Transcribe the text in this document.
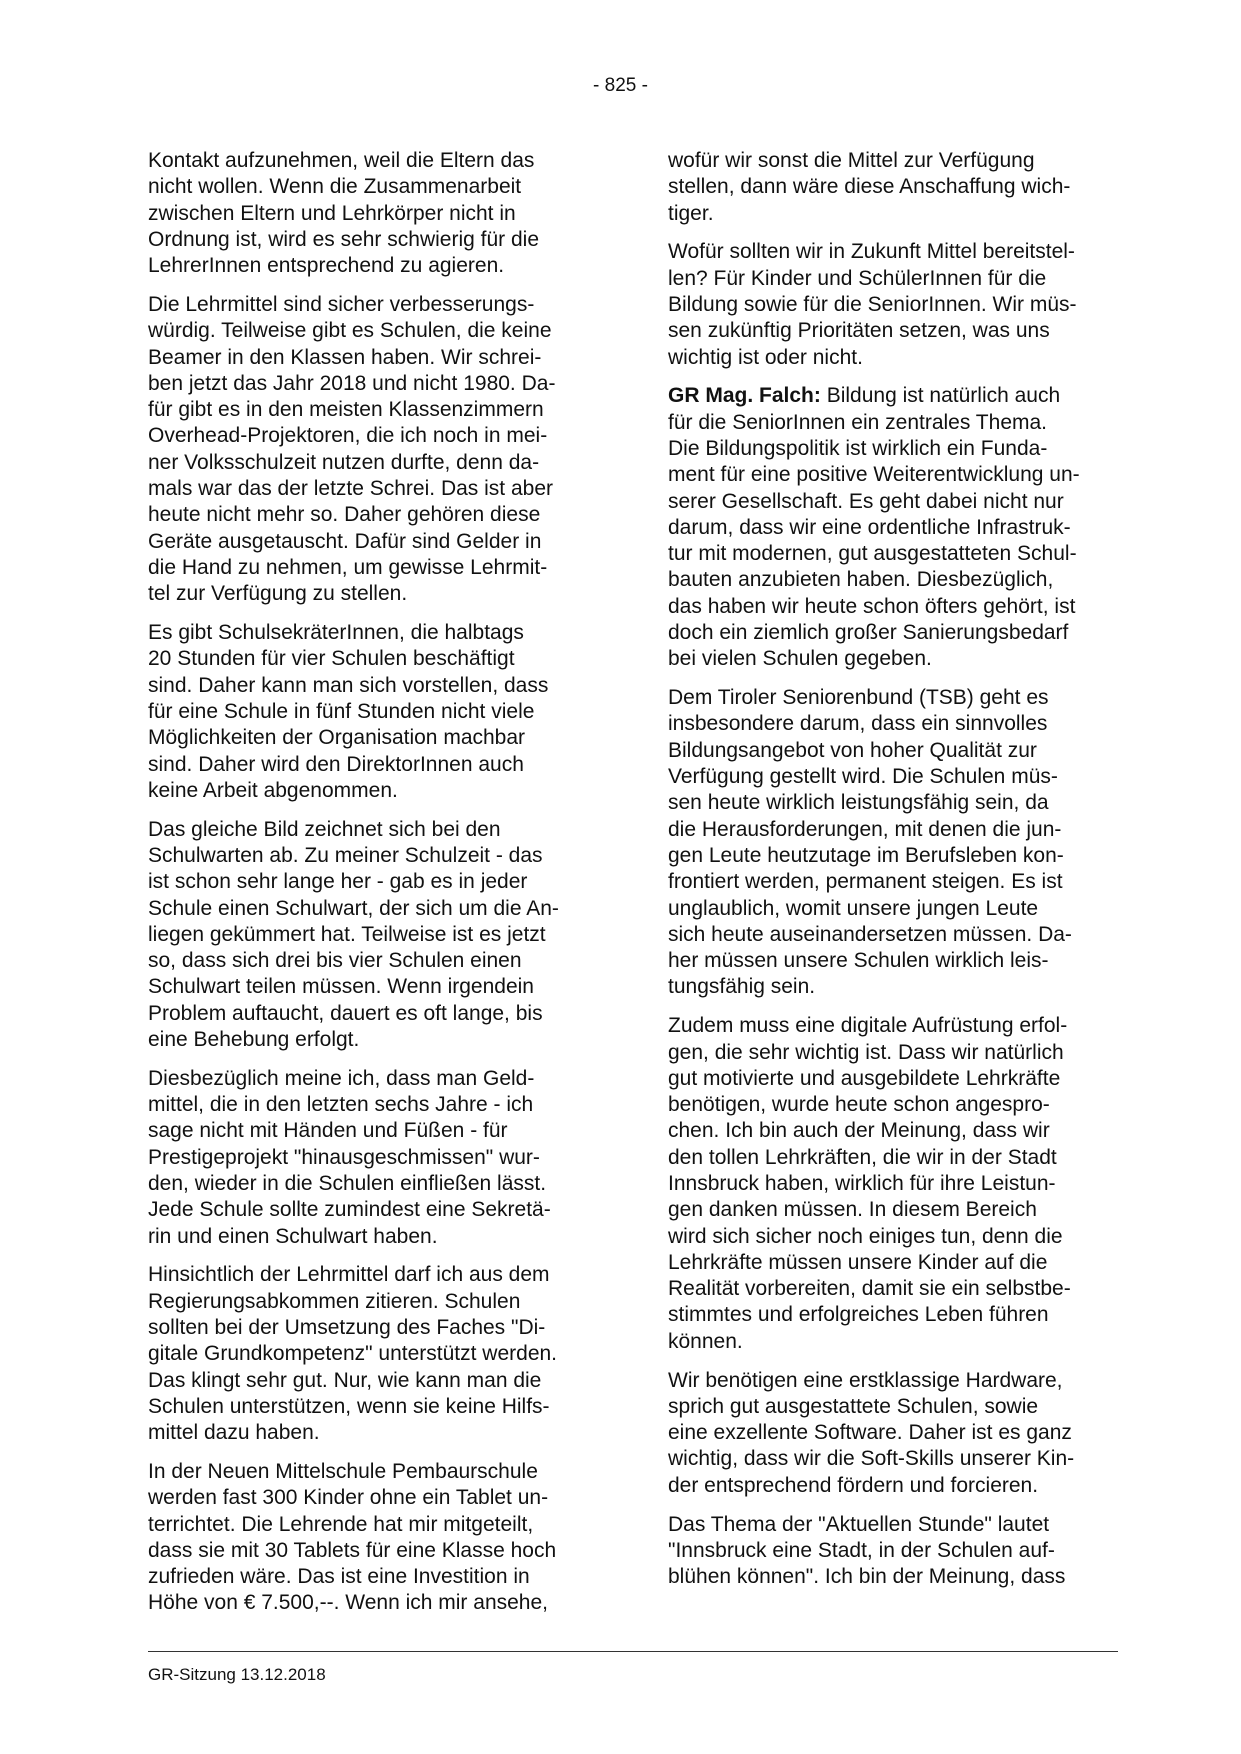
- 825 -

Kontakt aufzunehmen, weil die Eltern das
nicht wollen. Wenn die Zusammenarbeit
zwischen Eltern und Lehrkörper nicht in
Ordnung ist, wird es sehr schwierig für die
LehrerInnen entsprechend zu agieren.

Die Lehrmittel sind sicher verbesserungs-
würdig. Teilweise gibt es Schulen, die keine
Beamer in den Klassen haben. Wir schrei-
ben jetzt das Jahr 2018 und nicht 1980. Da-
für gibt es in den meisten Klassenzimmern
Overhead-Projektoren, die ich noch in mei-
ner Volksschulzeit nutzen durfte, denn da-
mals war das der letzte Schrei. Das ist aber
heute nicht mehr so. Daher gehören diese
Geräte ausgetauscht. Dafür sind Gelder in
die Hand zu nehmen, um gewisse Lehrmit-
tel zur Verfügung zu stellen.

Es gibt SchulsekräterInnen, die halbtags
20 Stunden für vier Schulen beschäftigt
sind. Daher kann man sich vorstellen, dass
für eine Schule in fünf Stunden nicht viele
Möglichkeiten der Organisation machbar
sind. Daher wird den DirektorInnen auch
keine Arbeit abgenommen.

Das gleiche Bild zeichnet sich bei den
Schulwarten ab. Zu meiner Schulzeit - das
ist schon sehr lange her - gab es in jeder
Schule einen Schulwart, der sich um die An-
liegen gekümmert hat. Teilweise ist es jetzt
so, dass sich drei bis vier Schulen einen
Schulwart teilen müssen. Wenn irgendein
Problem auftaucht, dauert es oft lange, bis
eine Behebung erfolgt.

Diesbezüglich meine ich, dass man Geld-
mittel, die in den letzten sechs Jahre - ich
sage nicht mit Händen und Füßen - für
Prestigeprojekt "hinausgeschmissen" wur-
den, wieder in die Schulen einfließen lässt.
Jede Schule sollte zumindest eine Sekretä-
rin und einen Schulwart haben.

Hinsichtlich der Lehrmittel darf ich aus dem
Regierungsabkommen zitieren. Schulen
sollten bei der Umsetzung des Faches "Di-
gitale Grundkompetenz" unterstützt werden.
Das klingt sehr gut. Nur, wie kann man die
Schulen unterstützen, wenn sie keine Hilfs-
mittel dazu haben.

In der Neuen Mittelschule Pembaurschule
werden fast 300 Kinder ohne ein Tablet un-
terrichtet. Die Lehrende hat mir mitgeteilt,
dass sie mit 30 Tablets für eine Klasse hoch
zufrieden wäre. Das ist eine Investition in
Höhe von € 7.500,--. Wenn ich mir ansehe,

wofür wir sonst die Mittel zur Verfügung
stellen, dann wäre diese Anschaffung wich-
tiger.

Wofür sollten wir in Zukunft Mittel bereitstel-
len? Für Kinder und SchülerInnen für die
Bildung sowie für die SeniorInnen. Wir müs-
sen zukünftig Prioritäten setzen, was uns
wichtig ist oder nicht.

GR Mag. Falch: Bildung ist natürlich auch
für die SeniorInnen ein zentrales Thema.
Die Bildungspolitik ist wirklich ein Funda-
ment für eine positive Weiterentwicklung un-
serer Gesellschaft. Es geht dabei nicht nur
darum, dass wir eine ordentliche Infrastruk-
tur mit modernen, gut ausgestatteten Schul-
bauten anzubieten haben. Diesbezüglich,
das haben wir heute schon öfters gehört, ist
doch ein ziemlich großer Sanierungsbedarf
bei vielen Schulen gegeben.

Dem Tiroler Seniorenbund (TSB) geht es
insbesondere darum, dass ein sinnvolles
Bildungsangebot von hoher Qualität zur
Verfügung gestellt wird. Die Schulen müs-
sen heute wirklich leistungsfähig sein, da
die Herausforderungen, mit denen die jun-
gen Leute heutzutage im Berufsleben kon-
frontiert werden, permanent steigen. Es ist
unglaublich, womit unsere jungen Leute
sich heute auseinandersetzen müssen. Da-
her müssen unsere Schulen wirklich leis-
tungsfähig sein.

Zudem muss eine digitale Aufrüstung erfol-
gen, die sehr wichtig ist. Dass wir natürlich
gut motivierte und ausgebildete Lehrkräfte
benötigen, wurde heute schon angespro-
chen. Ich bin auch der Meinung, dass wir
den tollen Lehrkräften, die wir in der Stadt
Innsbruck haben, wirklich für ihre Leistun-
gen danken müssen. In diesem Bereich
wird sich sicher noch einiges tun, denn die
Lehrkräfte müssen unsere Kinder auf die
Realität vorbereiten, damit sie ein selbstbe-
stimmtes und erfolgreiches Leben führen
können.

Wir benötigen eine erstklassige Hardware,
sprich gut ausgestattete Schulen, sowie
eine exzellente Software. Daher ist es ganz
wichtig, dass wir die Soft-Skills unserer Kin-
der entsprechend fördern und forcieren.

Das Thema der "Aktuellen Stunde" lautet
"Innsbruck eine Stadt, in der Schulen auf-
blühen können". Ich bin der Meinung, dass

GR-Sitzung 13.12.2018
